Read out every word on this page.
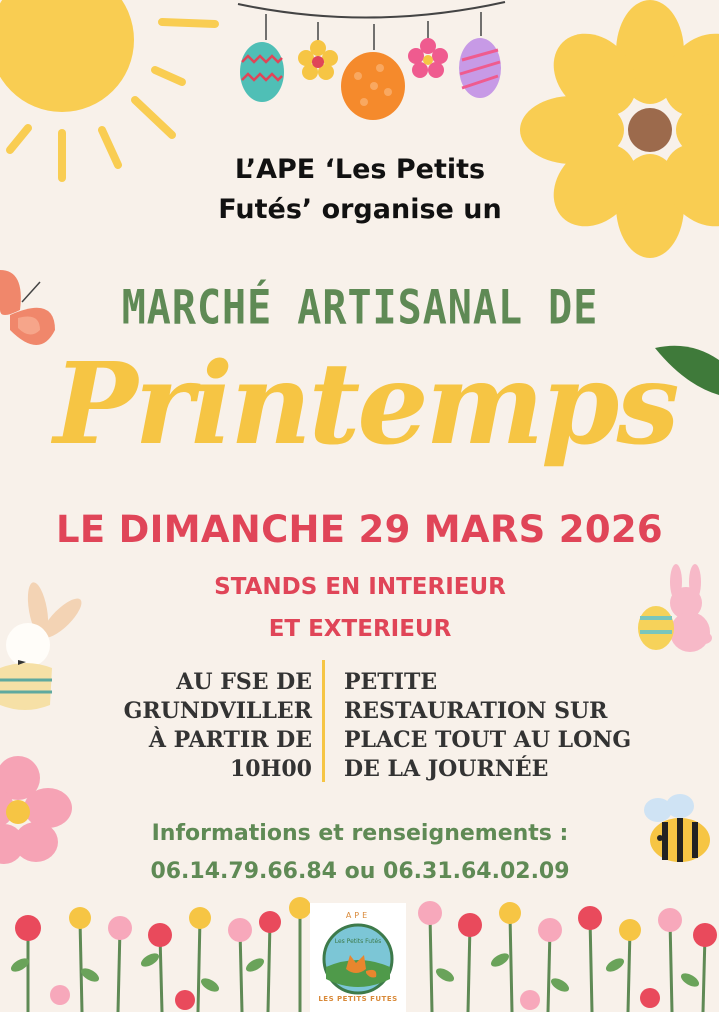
L’APE ‘Les Petits
Futés’ organise un
MARCHÉ ARTISANAL DE
Printemps
LE DIMANCHE 29 MARS 2026
STANDS EN INTERIEUR
ET EXTERIEUR
AU FSE DE
GRUNDVILLER
À PARTIR DE
10H00
PETITE
RESTAURATION SUR
PLACE TOUT AU LONG
DE LA JOURNÉE
Informations et renseignements :
06.14.79.66.84 ou 06.31.64.02.09
APE
Les Petits Futés
LES PETITS FUTES
